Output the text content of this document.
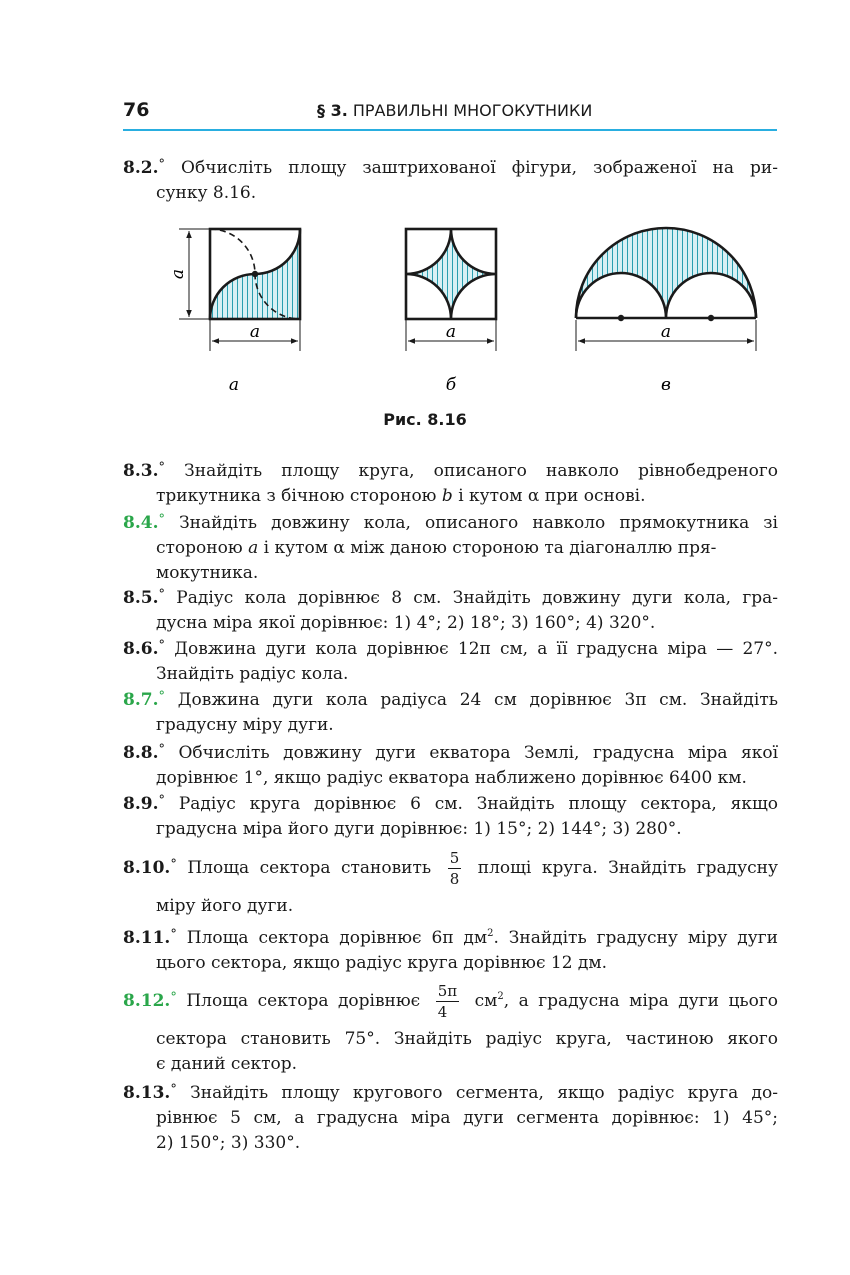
76	§ 3. ПРАВИЛЬНІ МНОГОКУТНИКИ
8.2.° Обчисліть площу заштрихованої фігури, зображеної на ри-
сунку 8.16.
a
a
а
a
б
a
в
Рис. 8.16
8.3.° Знайдіть площу круга, описаного навколо рівнобедреного
трикутника з бічною стороною b і кутом α при основі.
8.4.° Знайдіть довжину кола, описаного навколо прямокутника зі
стороною a і кутом α між даною стороною та діагоналлю пря-
мокутника.
8.5.° Радіус кола дорівнює 8 см. Знайдіть довжину дуги кола, гра-
дусна міра якої дорівнює: 1) 4°; 2) 18°; 3) 160°; 4) 320°.
8.6.° Довжина дуги кола дорівнює 12π см, а її градусна міра — 27°.
Знайдіть радіус кола.
8.7.° Довжина дуги кола радіуса 24 см дорівнює 3π см. Знайдіть
градусну міру дуги.
8.8.° Обчисліть довжину дуги екватора Землі, градусна міра якої
дорівнює 1°, якщо радіус екватора наближено дорівнює 6400 км.
8.9.° Радіус круга дорівнює 6 см. Знайдіть площу сектора, якщо
градусна міра його дуги дорівнює: 1) 15°; 2) 144°; 3) 280°.
8.10.° Площа сектора становить $\frac{5}{8}$ площі круга. Знайдіть градусну
міру його дуги.
8.11.° Площа сектора дорівнює 6π $дм^2$. Знайдіть градусну міру дуги
цього сектора, якщо радіус круга дорівнює 12 дм.
8.12.° Площа сектора дорівнює $\frac{5\pi}{4} см^2$, а градусна міра дуги цього
сектора становить 75°. Знайдіть радіус круга, частиною якого
є даний сектор.
8.13.° Знайдіть площу кругового сегмента, якщо радіус круга до-
рівнює 5 см, а градусна міра дуги сегмента дорівнює: 1) 45°;
2) 150°; 3) 330°.
